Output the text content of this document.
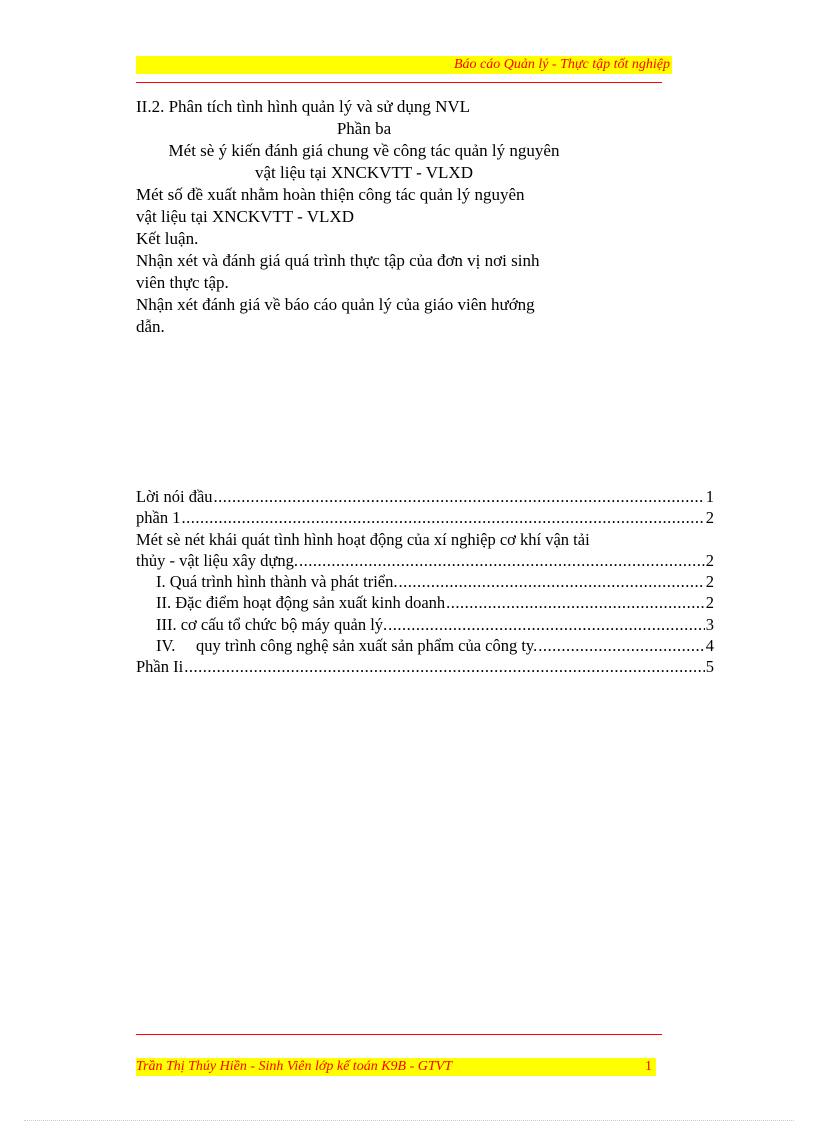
Báo cáo Quản lý - Thực tập tốt nghiệp
II.2. Phân tích tình hình quản lý và sử dụng NVL
Phần ba
Mét sè ý kiến đánh giá chung về công tác quản lý nguyên
vật liệu tại XNCKVTT - VLXD
Mét số đề xuất nhằm hoàn thiện công tác quản lý nguyên
vật liệu tại XNCKVTT - VLXD
Kết luận.
Nhận xét và đánh giá quá trình thực tập của đơn vị nơi sinh
viên thực tập.
Nhận xét đánh giá về báo cáo quản lý của giáo viên hướng
dẫn.
Lời nói đầu .....	1
phần 1 .....	2
Mét sè nét khái quát tình hình hoạt động của xí nghiệp cơ khí vận tải
thủy - vật liệu xây dựng. .....	2
I. Quá trình hình thành và phát triển. .....	2
II. Đặc điểm hoạt động sản xuất kinh doanh .....	2
III. cơ cấu tổ chức bộ máy quản lý. .....	3
IV. quy trình công nghệ sản xuất sản phẩm của công ty. .....	4
Phần Ii .....	5
Trần Thị Thúy Hiền - Sinh Viên lớp kế toán K9B - GTVT	1
